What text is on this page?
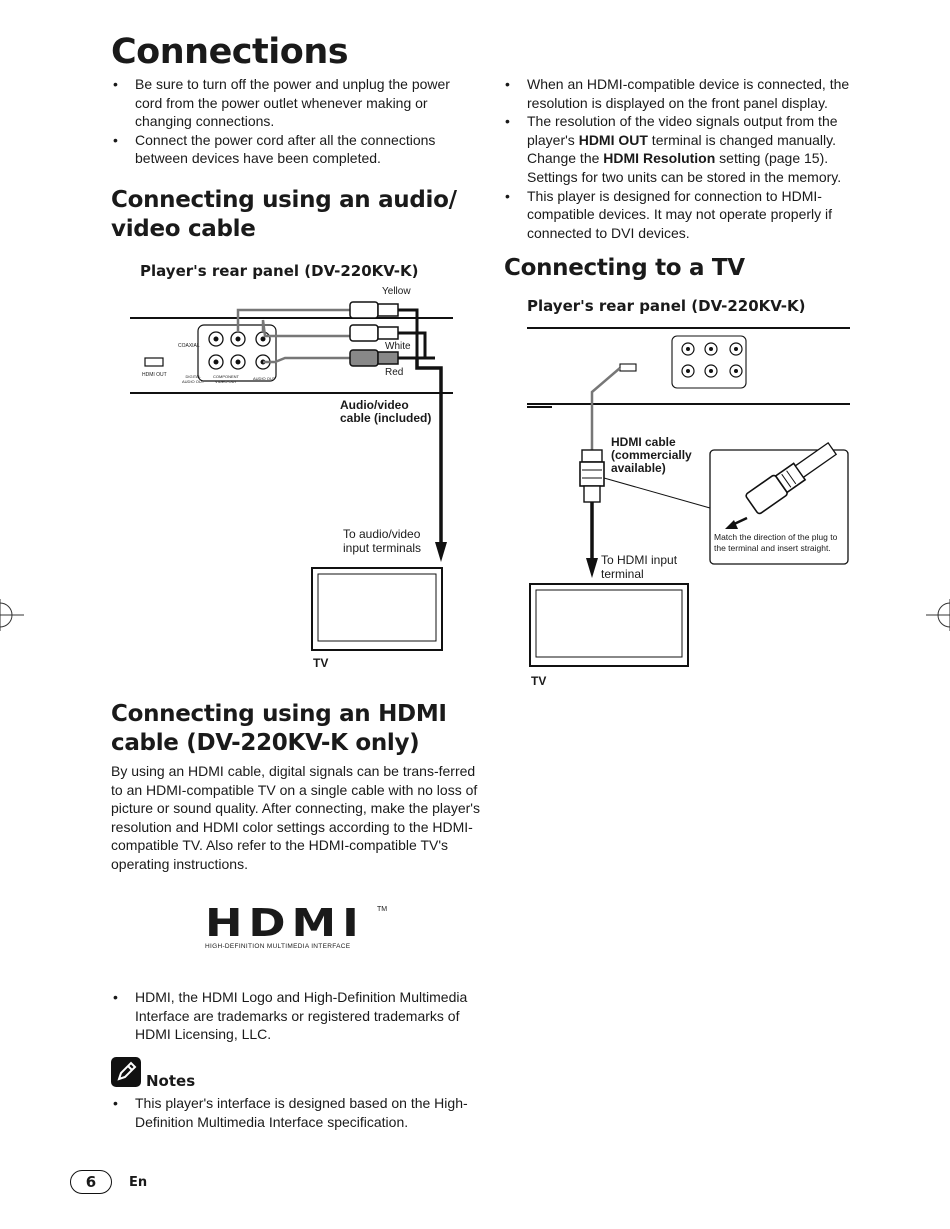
Connections
• Be sure to turn off the power and unplug the power cord from the power outlet whenever making or changing connections.
• Connect the power cord after all the connections between devices have been completed.
Connecting using an audio/
video cable
Player's rear panel (DV-220KV-K)
Yellow
White
Red
COAXIAL
HDMI OUT	DIGITAL
AUDIO OUT
COMPONENT
VIDEO OUT
AUDIO OUT
Audio/video
cable (included)
To audio/video
input terminals
TV
Connecting using an HDMI
cable (DV-220KV-K only)
By using an HDMI cable, digital signals can be trans-ferred to an HDMI-compatible TV on a single cable with no loss of picture or sound quality. After connecting, make the player's resolution and HDMI color settings according to the HDMI-compatible TV. Also refer to the HDMI-compatible TV's operating instructions.
HDMI	TM
HIGH-DEFINITION MULTIMEDIA INTERFACE
• HDMI, the HDMI Logo and High-Definition Multimedia Interface are trademarks or registered trademarks of HDMI Licensing, LLC.
Notes
• This player's interface is designed based on the High-Definition Multimedia Interface specification.
• When an HDMI-compatible device is connected, the resolution is displayed on the front panel display.
• The resolution of the video signals output from the player's HDMI OUT terminal is changed manually. Change the HDMI Resolution setting (page 15). Settings for two units can be stored in the memory.
• This player is designed for connection to HDMI-compatible devices. It may not operate properly if connected to DVI devices.
Connecting to a TV
Player's rear panel (DV-220KV-K)
HDMI cable
(commercially
available)
Match the direction of the plug to
the terminal and insert straight.
To HDMI input
terminal
TV
6	En
